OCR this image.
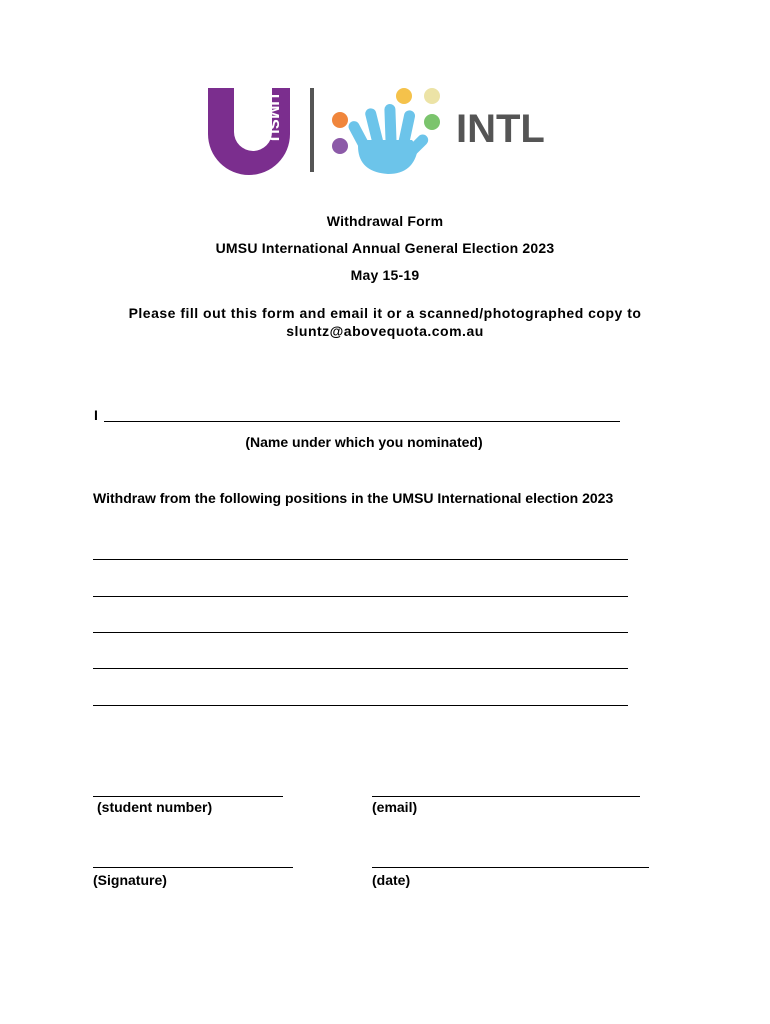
UMSU	INTL
Withdrawal Form
UMSU International Annual General Election 2023
May 15-19
Please fill out this form and email it or a scanned/photographed copy to
sluntz@abovequota.com.au
I
(Name under which you nominated)
Withdraw from the following positions in the UMSU International election 2023
(student number)	(email)
(Signature)	(date)
